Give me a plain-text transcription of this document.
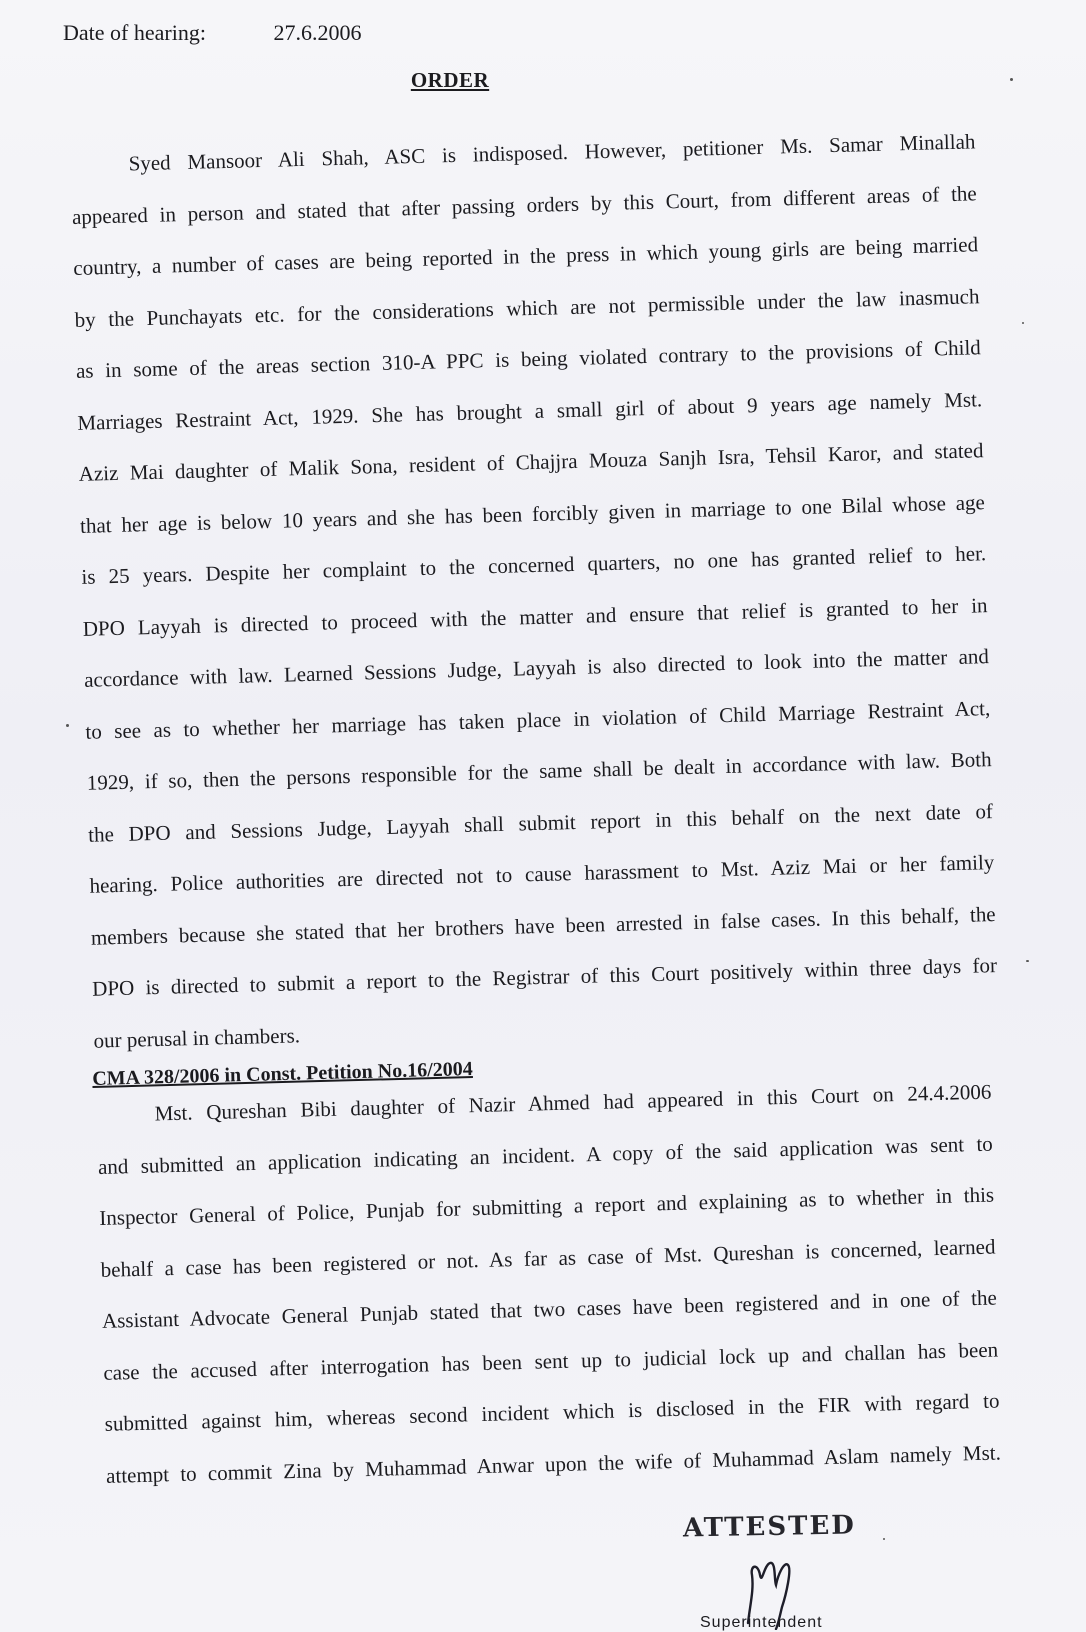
Date of hearing:	27.6.2006
ORDER
Syed Mansoor Ali Shah, ASC is indisposed. However, petitioner Ms. Samar Minallah
appeared in person and stated that after passing orders by this Court, from different areas of the
country, a number of cases are being reported in the press in which young girls are being married
by the Punchayats etc. for the considerations which are not permissible under the law inasmuch
as in some of the areas section 310-A PPC is being violated contrary to the provisions of Child
Marriages Restraint Act, 1929. She has brought a small girl of about 9 years age namely Mst.
Aziz Mai daughter of Malik Sona, resident of Chajjra Mouza Sanjh Isra, Tehsil Karor, and stated
that her age is below 10 years and she has been forcibly given in marriage to one Bilal whose age
is 25 years. Despite her complaint to the concerned quarters, no one has granted relief to her.
DPO Layyah is directed to proceed with the matter and ensure that relief is granted to her in
accordance with law. Learned Sessions Judge, Layyah is also directed to look into the matter and
to see as to whether her marriage has taken place in violation of Child Marriage Restraint Act,
1929, if so, then the persons responsible for the same shall be dealt in accordance with law. Both
the DPO and Sessions Judge, Layyah shall submit report in this behalf on the next date of
hearing. Police authorities are directed not to cause harassment to Mst. Aziz Mai or her family
members because she stated that her brothers have been arrested in false cases. In this behalf, the
DPO is directed to submit a report to the Registrar of this Court positively within three days for
our perusal in chambers.
CMA 328/2006 in Const. Petition No.16/2004
Mst. Qureshan Bibi daughter of Nazir Ahmed had appeared in this Court on 24.4.2006
and submitted an application indicating an incident. A copy of the said application was sent to
Inspector General of Police, Punjab for submitting a report and explaining as to whether in this
behalf a case has been registered or not. As far as case of Mst. Qureshan is concerned, learned
Assistant Advocate General Punjab stated that two cases have been registered and in one of the
case the accused after interrogation has been sent up to judicial lock up and challan has been
submitted against him, whereas second incident which is disclosed in the FIR with regard to
attempt to commit Zina by Muhammad Anwar upon the wife of Muhammad Aslam namely Mst.
ATTESTED
Superintendent
